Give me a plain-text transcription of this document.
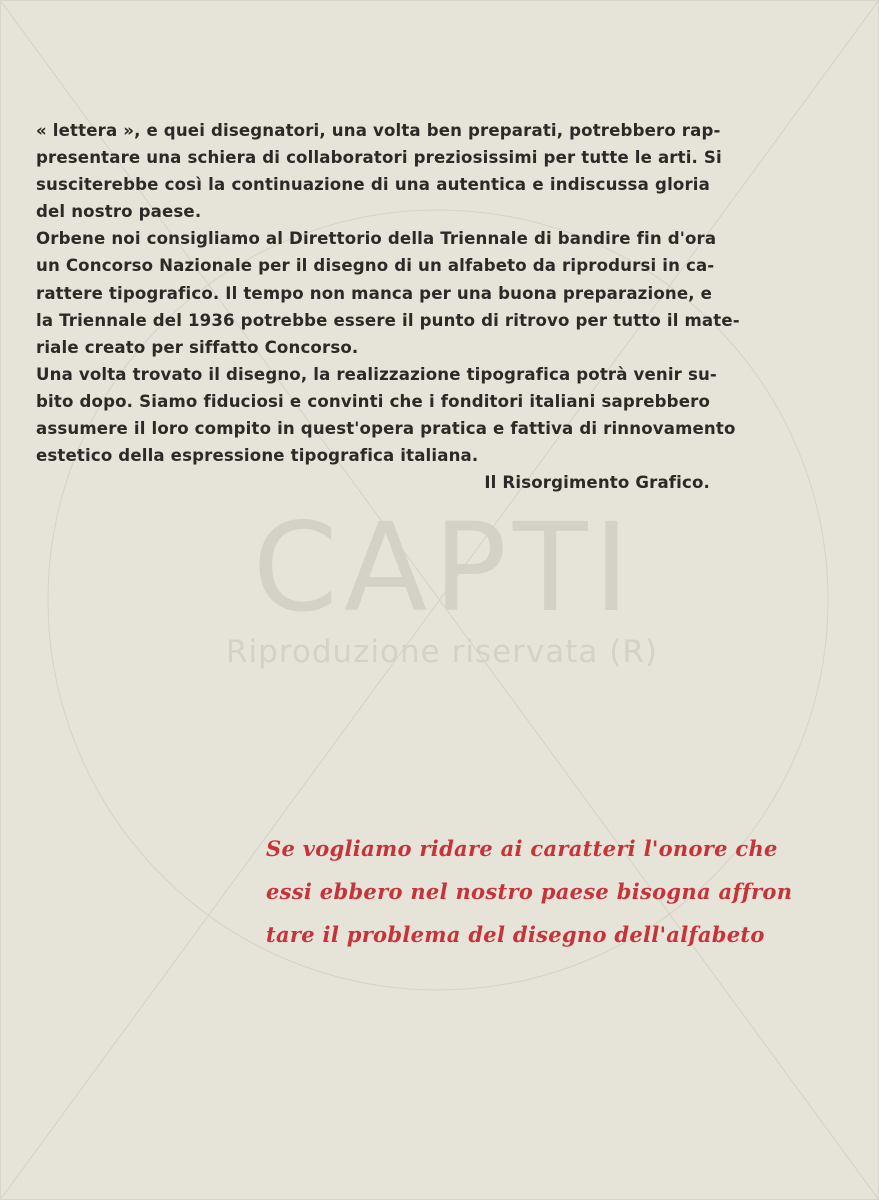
CAPTI
Riproduzione riservata (R)
« lettera », e quei disegnatori, una volta ben preparati, potrebbero rap-
presentare una schiera di collaboratori preziosissimi per tutte le arti. Si
susciterebbe così la continuazione di una autentica e indiscussa gloria
del nostro paese.
Orbene noi consigliamo al Direttorio della Triennale di bandire fin d'ora
un Concorso Nazionale per il disegno di un alfabeto da riprodursi in ca-
rattere tipografico. Il tempo non manca per una buona preparazione, e
la Triennale del 1936 potrebbe essere il punto di ritrovo per tutto il mate-
riale creato per siffatto Concorso.
Una volta trovato il disegno, la realizzazione tipografica potrà venir su-
bito dopo. Siamo fiduciosi e convinti che i fonditori italiani saprebbero
assumere il loro compito in quest'opera pratica e fattiva di rinnovamento
estetico della espressione tipografica italiana.
Il Risorgimento Grafico.
Se vogliamo ridare ai caratteri l'onore che
essi ebbero nel nostro paese bisogna affron
tare il problema del disegno dell'alfabeto
